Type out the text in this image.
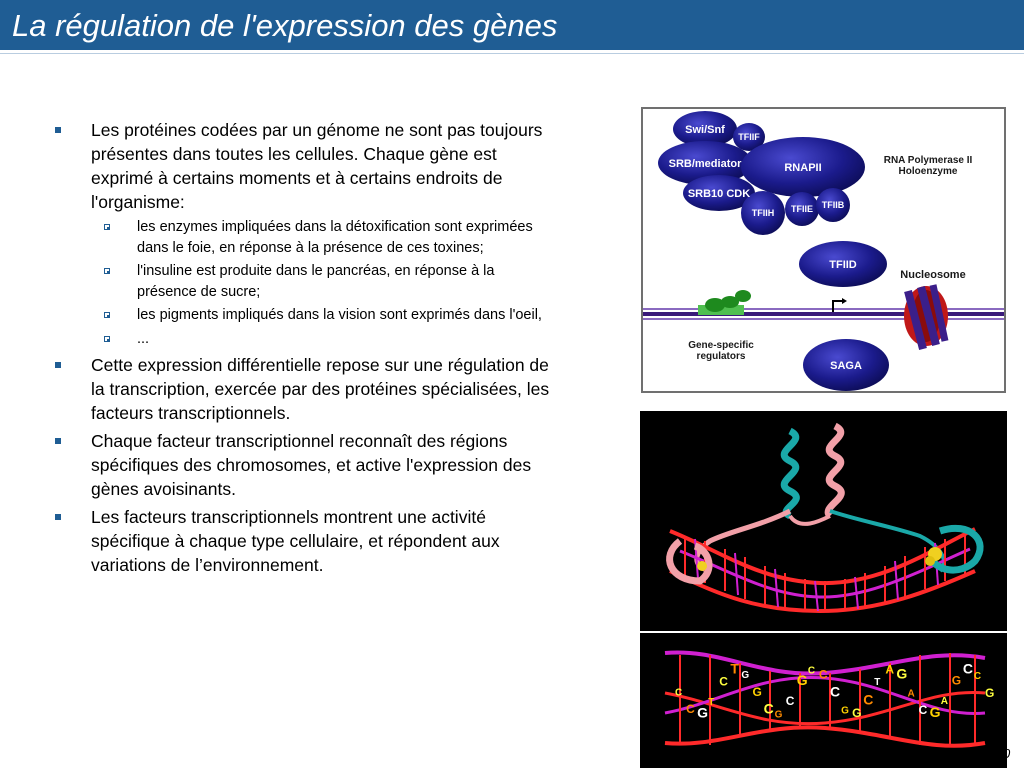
La régulation de l'expression des gènes
Les protéines codées par un génome ne sont pas toujours présentes dans toutes les cellules. Chaque gène est exprimé à certains moments et à certains endroits de l'organisme:
les enzymes impliquées dans la détoxification sont exprimées dans le foie, en réponse à la présence de ces toxines;
l'insuline est produite dans le pancréas, en réponse à la présence de sucre;
les pigments impliqués dans la vision sont exprimés dans l'oeil,
...
Cette expression différentielle repose sur une régulation de la transcription, exercée par des protéines spécialisées, les facteurs transcriptionnels.
Chaque facteur transcriptionnel reconnaît des régions spécifiques des chromosomes, et active l'expression des gènes avoisinants.
Les facteurs transcriptionnels montrent une activité spécifique à chaque type cellulaire, et répondent aux variations de l’environnement.
Swi/Snf
TFIIF
SRB/mediator	RNAPII
SRB10 CDK
TFIIH TFIIE TFIIB
RNA Polymerase II
Holoenzyme
TFIID
Nucleosome
Gene-specific
regulators
SAGA
C
C G
T
C
T G
G
C G
C
G
C C
C
G G
C
T
A G
A
C G
A
G
C
C
G
0
